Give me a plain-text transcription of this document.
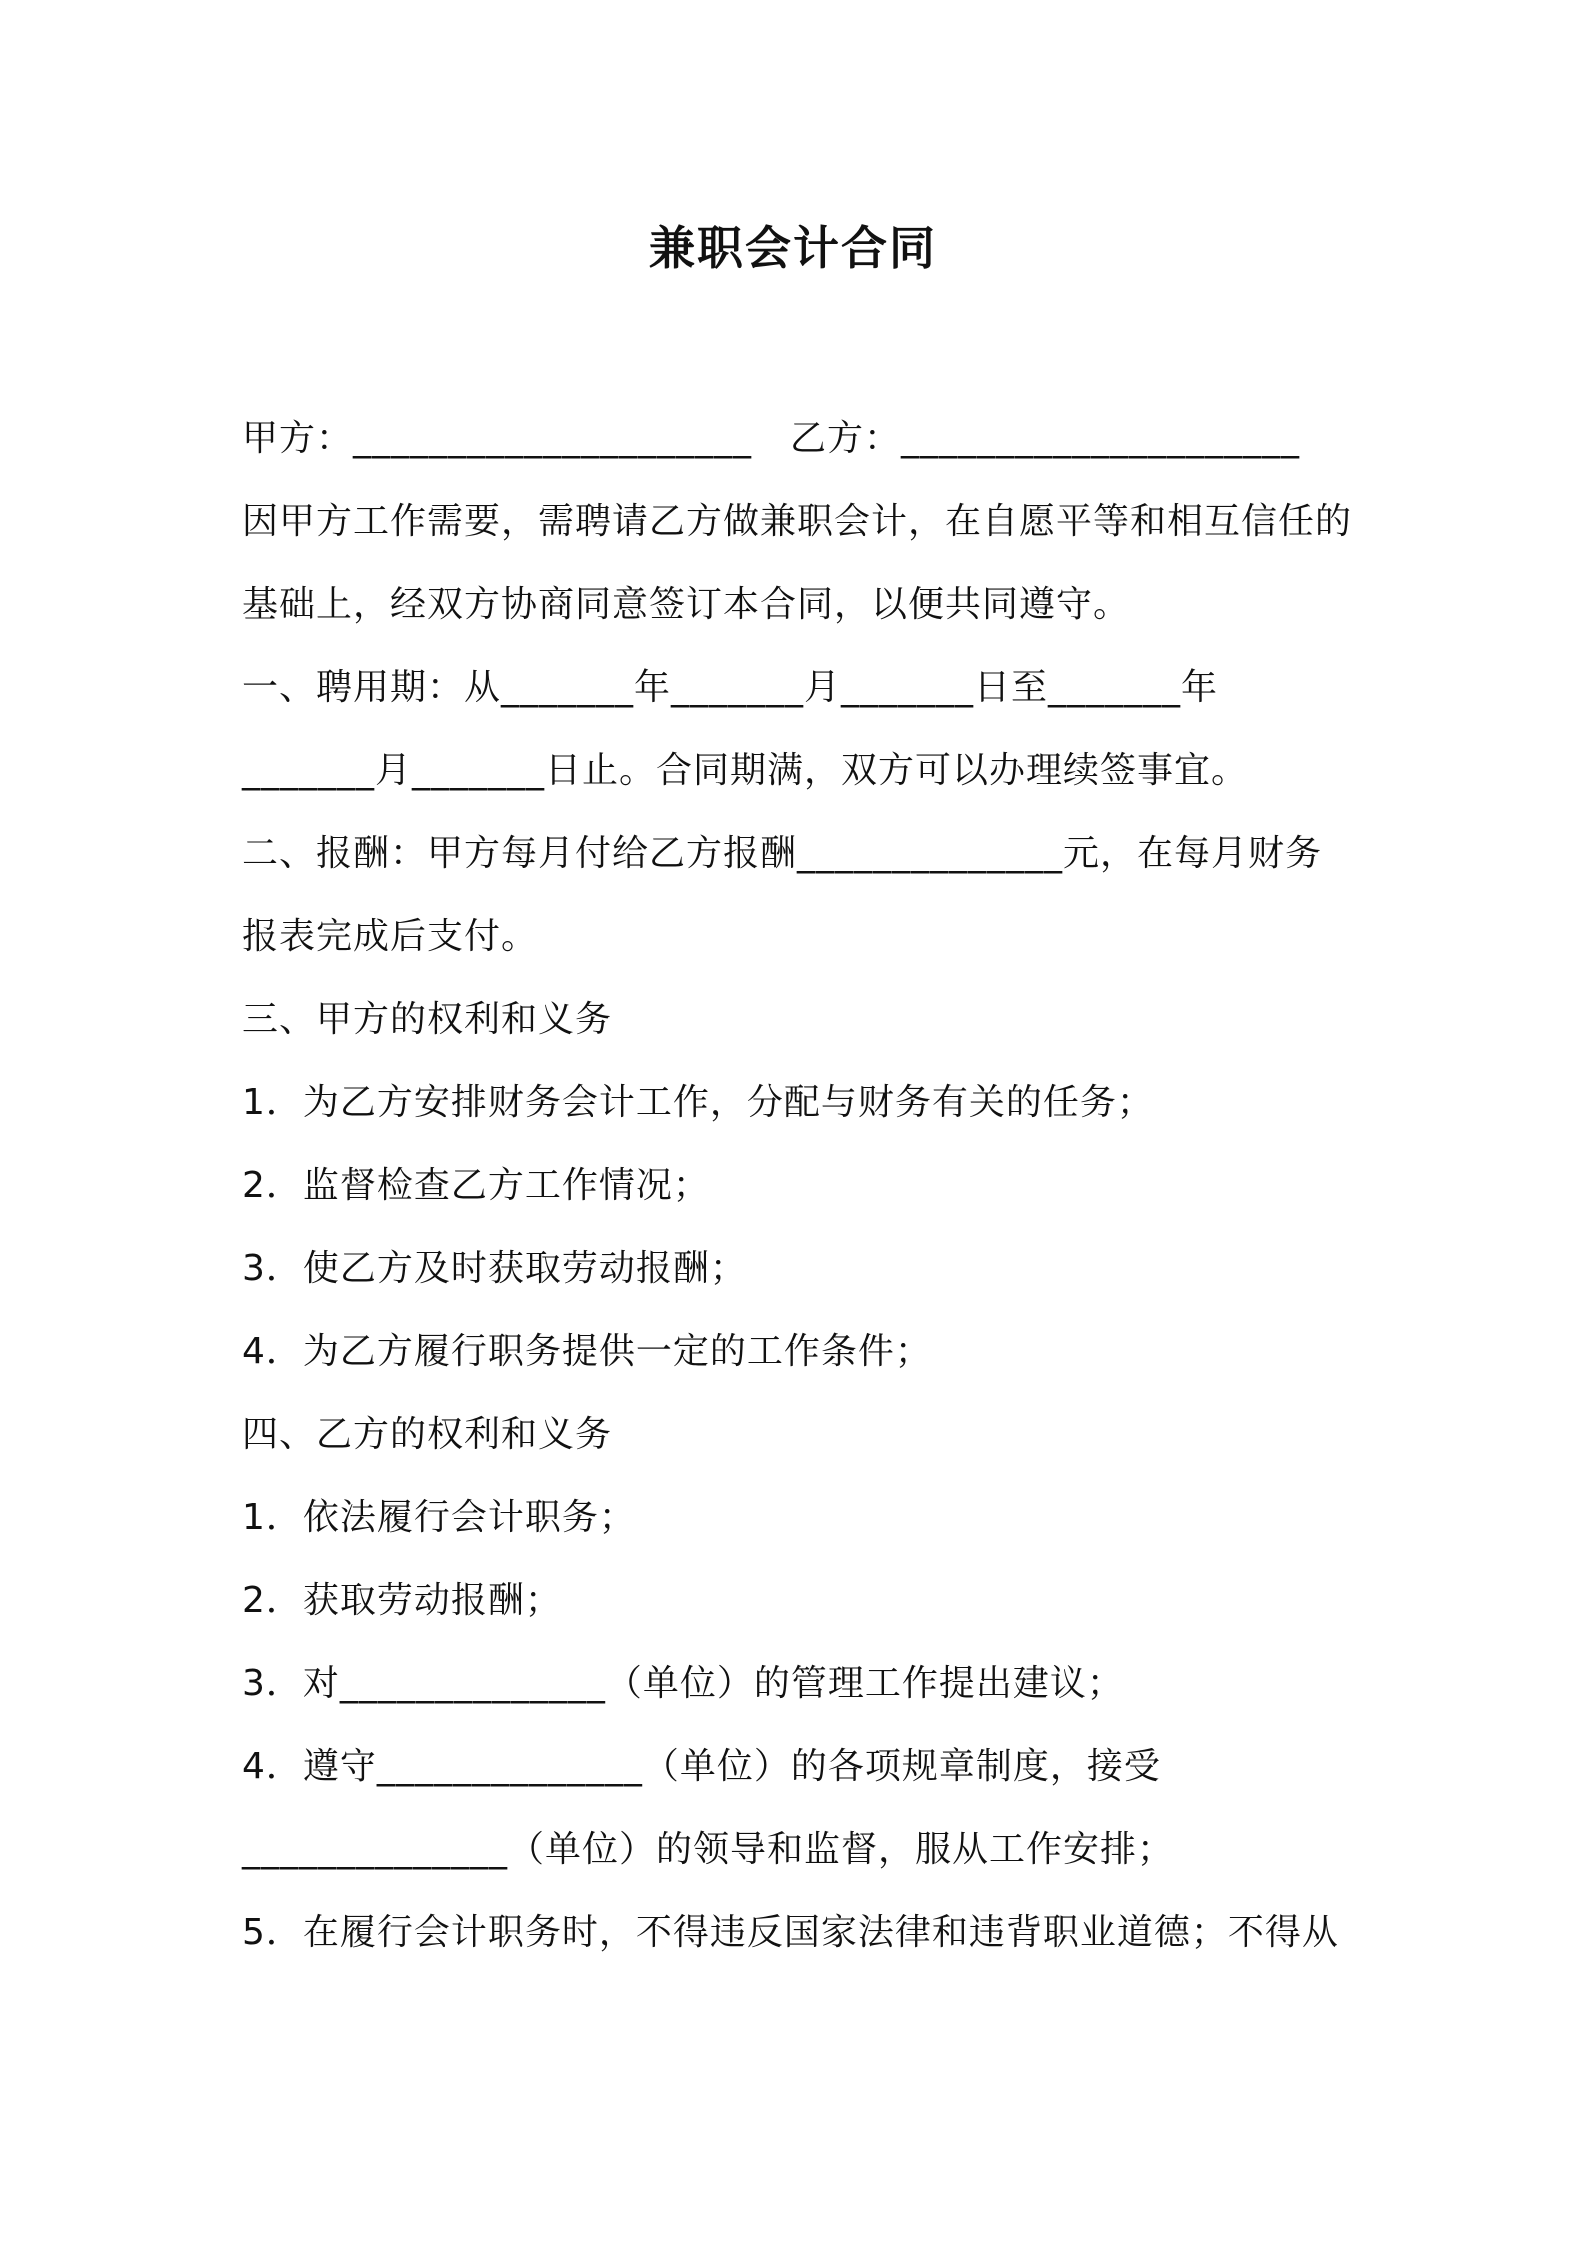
兼职会计合同
甲方：_____________________ 乙方：_____________________
因甲方工作需要，需聘请乙方做兼职会计，在自愿平等和相互信任的
基础上，经双方协商同意签订本合同，以便共同遵守。
一、聘用期：从_______年_______月_______日至_______年
_______月_______日止。合同期满，双方可以办理续签事宜。
二、报酬：甲方每月付给乙方报酬______________元，在每月财务
报表完成后支付。
三、甲方的权利和义务
1．为乙方安排财务会计工作，分配与财务有关的任务；
2．监督检查乙方工作情况；
3．使乙方及时获取劳动报酬；
4．为乙方履行职务提供一定的工作条件；
四、乙方的权利和义务
1．依法履行会计职务；
2．获取劳动报酬；
3．对______________（单位）的管理工作提出建议；
4．遵守______________（单位）的各项规章制度，接受
______________（单位）的领导和监督，服从工作安排；
5．在履行会计职务时，不得违反国家法律和违背职业道德；不得从
